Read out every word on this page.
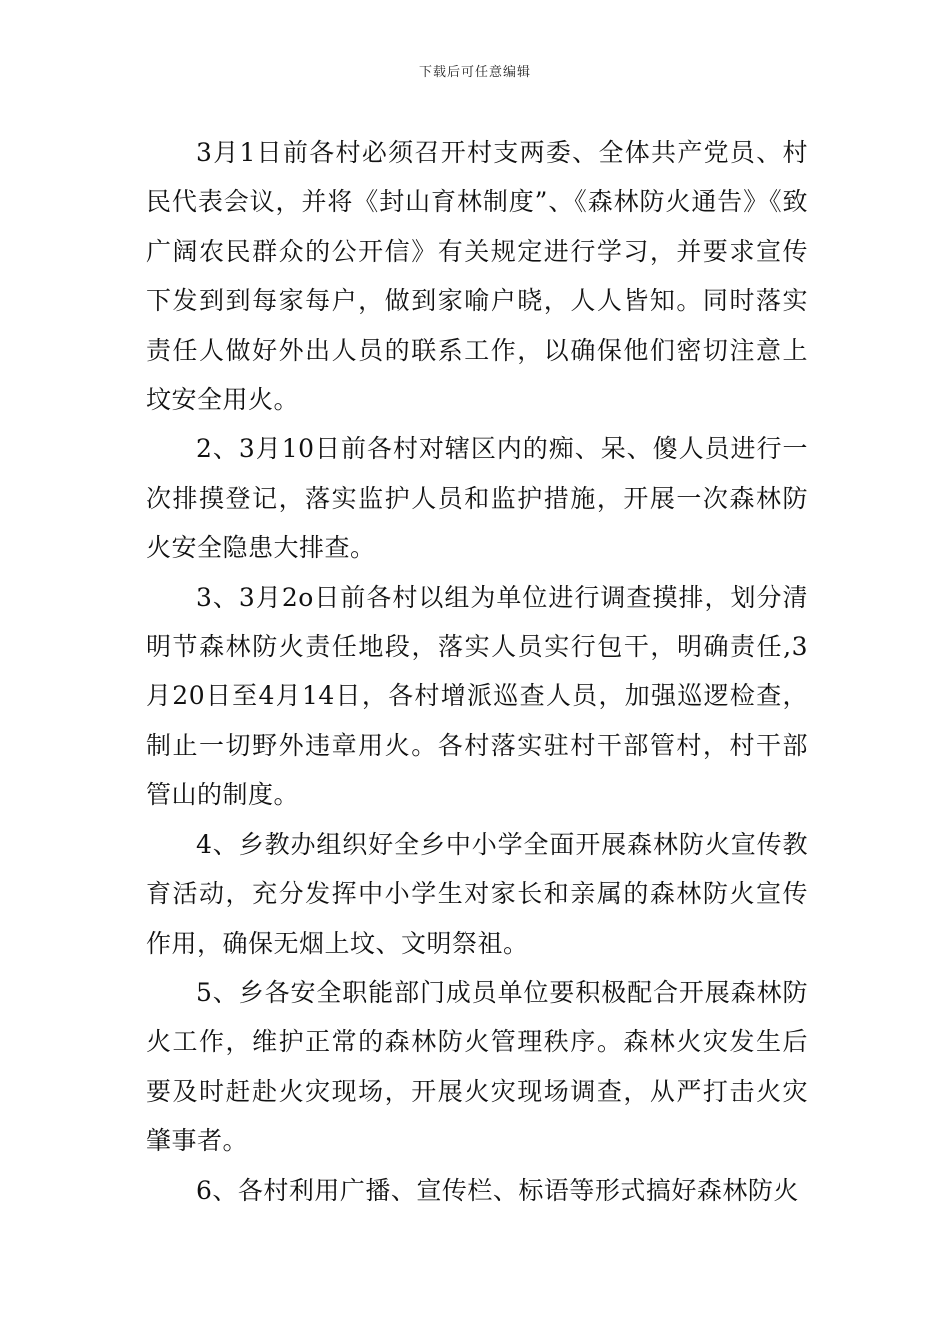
下载后可任意编辑

3月1日前各村必须召开村支两委、全体共产党员、村民代表会议，并将《封山育林制度”、《森林防火通告》《致广阔农民群众的公开信》有关规定进行学习，并要求宣传下发到到每家每户，做到家喻户晓，人人皆知。同时落实责任人做好外出人员的联系工作，以确保他们密切注意上坟安全用火。

2、3月10日前各村对辖区内的痴、呆、傻人员进行一次排摸登记，落实监护人员和监护措施，开展一次森林防火安全隐患大排查。

3、3月2o日前各村以组为单位进行调查摸排，划分清明节森林防火责任地段，落实人员实行包干，明确责任,3月20日至4月14日，各村增派巡查人员，加强巡逻检查，制止一切野外违章用火。各村落实驻村干部管村，村干部管山的制度。

4、乡教办组织好全乡中小学全面开展森林防火宣传教育活动，充分发挥中小学生对家长和亲属的森林防火宣传作用，确保无烟上坟、文明祭祖。

5、乡各安全职能部门成员单位要积极配合开展森林防火工作，维护正常的森林防火管理秩序。森林火灾发生后要及时赶赴火灾现场，开展火灾现场调查，从严打击火灾肇事者。

6、各村利用广播、宣传栏、标语等形式搞好森林防火
